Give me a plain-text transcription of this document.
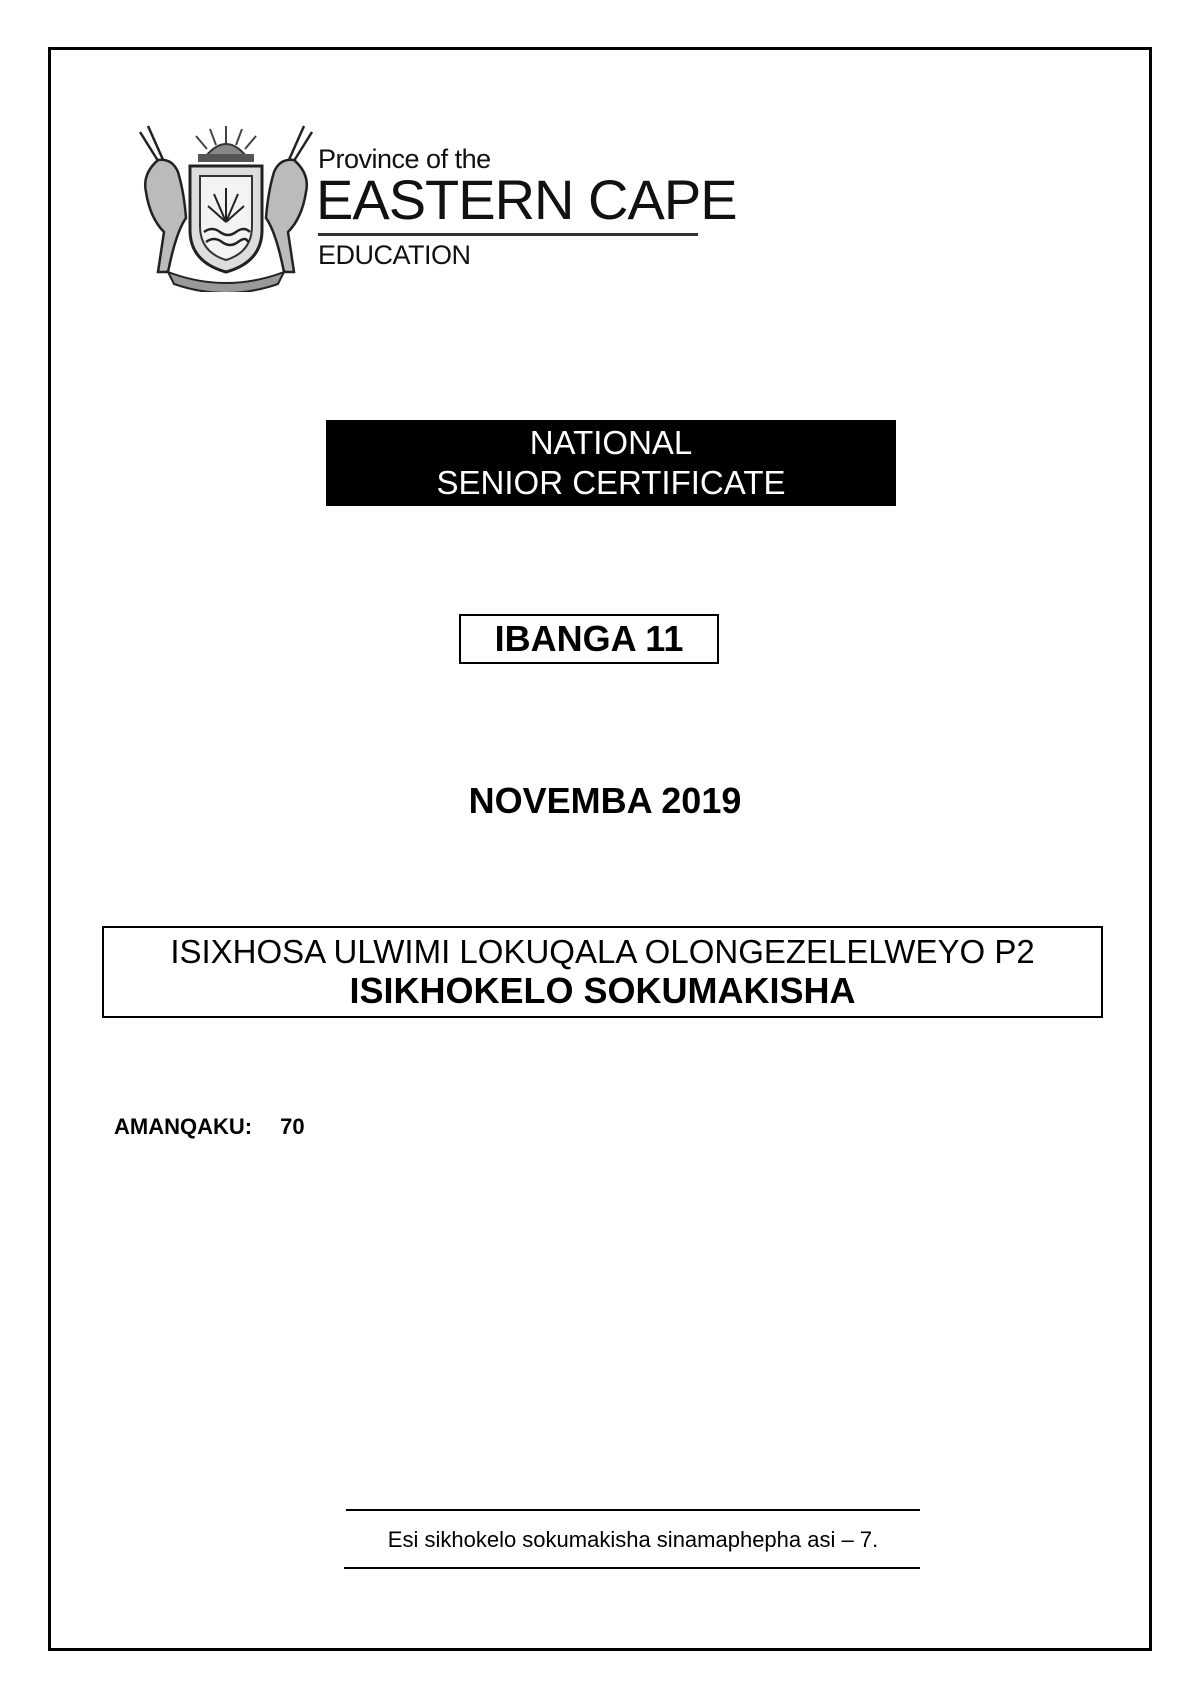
Province of the
EASTERN CAPE
EDUCATION
NATIONAL
SENIOR CERTIFICATE
IBANGA 11
NOVEMBA 2019
ISIXHOSA ULWIMI LOKUQALA OLONGEZELELWEYO P2
ISIKHOKELO SOKUMAKISHA
AMANQAKU: 70
Esi sikhokelo sokumakisha sinamaphepha asi – 7.
